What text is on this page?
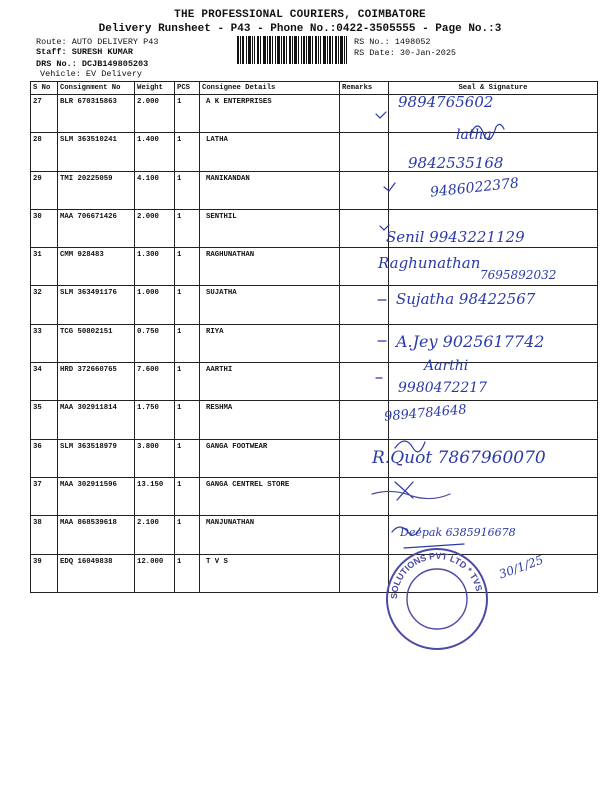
THE PROFESSIONAL COURIERS, COIMBATORE
Delivery Runsheet - P43 - Phone No.:0422-3505555 - Page No.:3
Route: AUTO DELIVERY P43
Staff: SURESH KUMAR
DRS No.: DCJB149805203
Vehicle: EV Delivery
RS No.: 1498052
RS Date: 30-Jan-2025
S No	Consignment No	Weight	PCS	Consignee Details	Remarks	Seal & Signature
27	BLR 670315863	2.000	1	A K ENTERPRISES		
28	SLM 363510241	1.400	1	LATHA		
29	TMI 20225059	4.100	1	MANIKANDAN		
30	MAA 706671426	2.000	1	SENTHIL		
31	CMM 928483	1.300	1	RAGHUNATHAN		
32	SLM 363491176	1.000	1	SUJATHA		
33	TCG 50802151	0.750	1	RIYA		
34	HRD 372660765	7.600	1	AARTHI		
35	MAA 302911814	1.750	1	RESHMA		
36	SLM 363518979	3.800	1	GANGA FOOTWEAR		
37	MAA 302911596	13.150	1	GANGA CENTREL STORE		
38	MAA 868539618	2.100	1	MANJUNATHAN		
39	EDQ 16049838	12.000	1	T V S		
9894765602
latha
9842535168
9486022378
Senil 9943221129
Raghunathan
7695892032
Sujatha 98422567
A.Jey 9025617742
Aarthi
9980472217
9894784648
R.Quot 7867960070
Deepak 6385916678
30/1/25
SOLUTIONS PVT LTD * TVS
